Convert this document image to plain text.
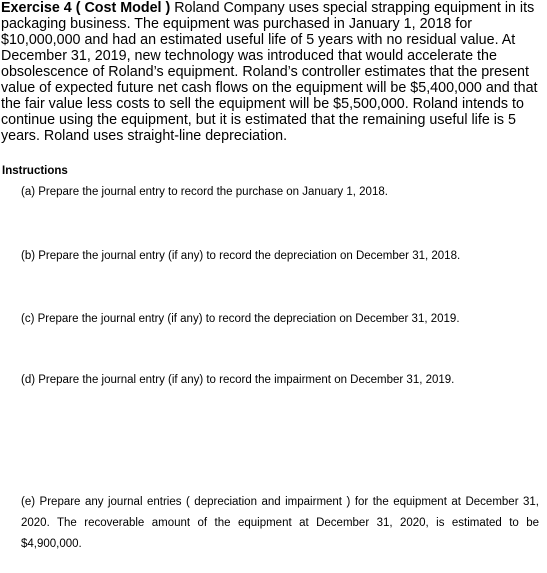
Exercise 4 ( Cost Model ) Roland Company uses special strapping equipment in its packaging business. The equipment was purchased in January 1, 2018 for $10,000,000 and had an estimated useful life of 5 years with no residual value. At December 31, 2019, new technology was introduced that would accelerate the obsolescence of Roland’s equipment. Roland’s controller estimates that the present value of expected future net cash flows on the equipment will be $5,400,000 and that the fair value less costs to sell the equipment will be $5,500,000. Roland intends to continue using the equipment, but it is estimated that the remaining useful life is 5 years. Roland uses straight-line depreciation.
Instructions
(a) Prepare the journal entry to record the purchase on January 1, 2018.
(b) Prepare the journal entry (if any) to record the depreciation on December 31, 2018.
(c) Prepare the journal entry (if any) to record the depreciation on December 31, 2019.
(d) Prepare the journal entry (if any) to record the impairment on December 31, 2019.
(e) Prepare any journal entries ( depreciation and impairment ) for the equipment at December 31, 2020. The recoverable amount of the equipment at December 31, 2020, is estimated to be $4,900,000.
